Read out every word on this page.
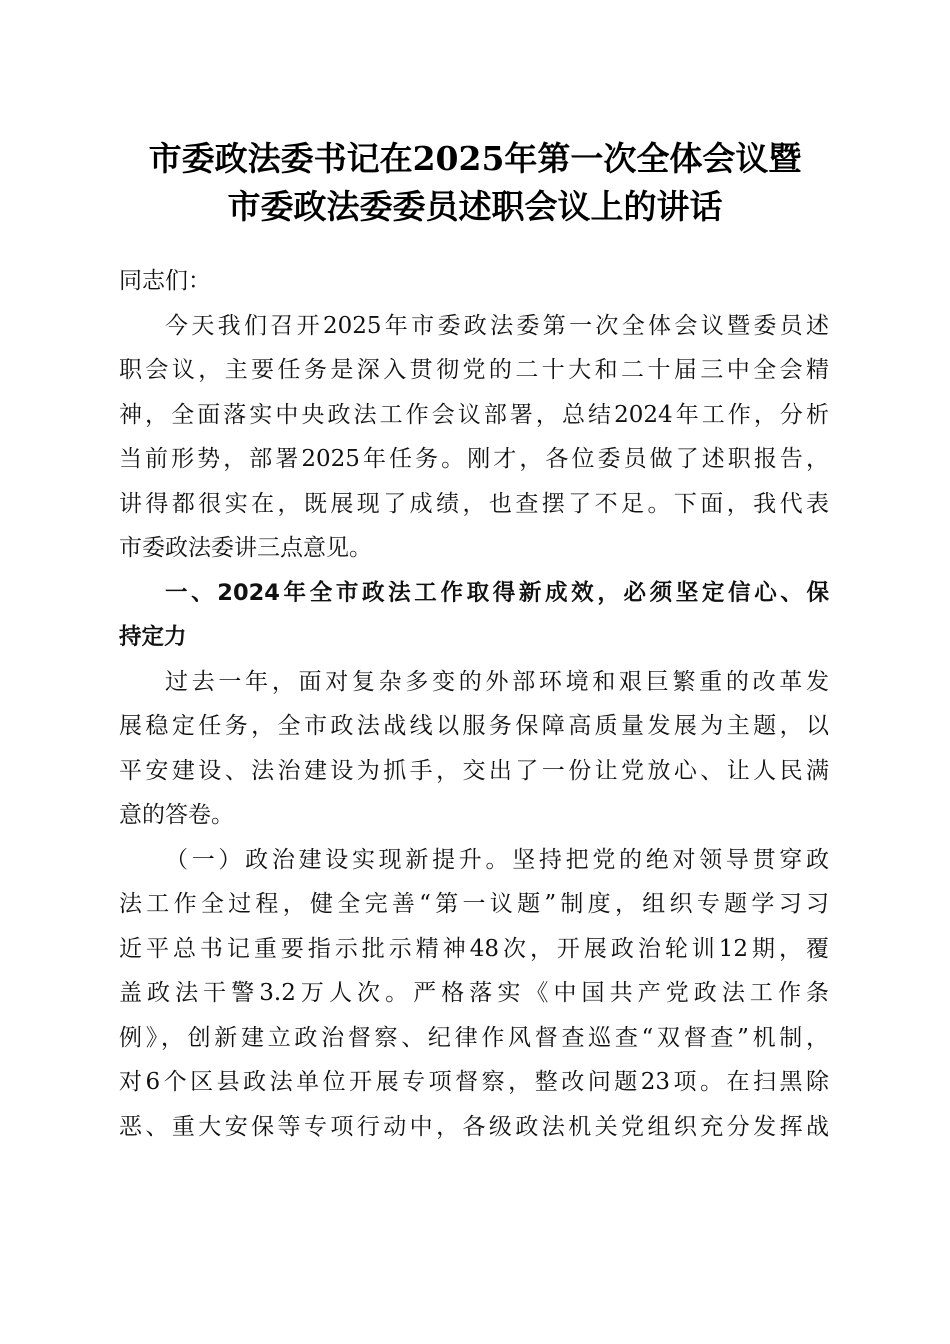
市委政法委书记在2025年第一次全体会议暨
市委政法委委员述职会议上的讲话
同志们：
今天我们召开2025年市委政法委第一次全体会议暨委员述
职会议，主要任务是深入贯彻党的二十大和二十届三中全会精
神，全面落实中央政法工作会议部署，总结2024年工作，分析
当前形势，部署2025年任务。刚才，各位委员做了述职报告，
讲得都很实在，既展现了成绩，也查摆了不足。下面，我代表
市委政法委讲三点意见。
一、2024年全市政法工作取得新成效，必须坚定信心、保
持定力
过去一年，面对复杂多变的外部环境和艰巨繁重的改革发
展稳定任务，全市政法战线以服务保障高质量发展为主题，以
平安建设、法治建设为抓手，交出了一份让党放心、让人民满
意的答卷。
（一）政治建设实现新提升。坚持把党的绝对领导贯穿政
法工作全过程，健全完善“第一议题”制度，组织专题学习习
近平总书记重要指示批示精神48次，开展政治轮训12期，覆
盖政法干警3.2万人次。严格落实《中国共产党政法工作条
例》，创新建立政治督察、纪律作风督查巡查“双督查”机制，
对6个区县政法单位开展专项督察，整改问题23项。在扫黑除
恶、重大安保等专项行动中，各级政法机关党组织充分发挥战
